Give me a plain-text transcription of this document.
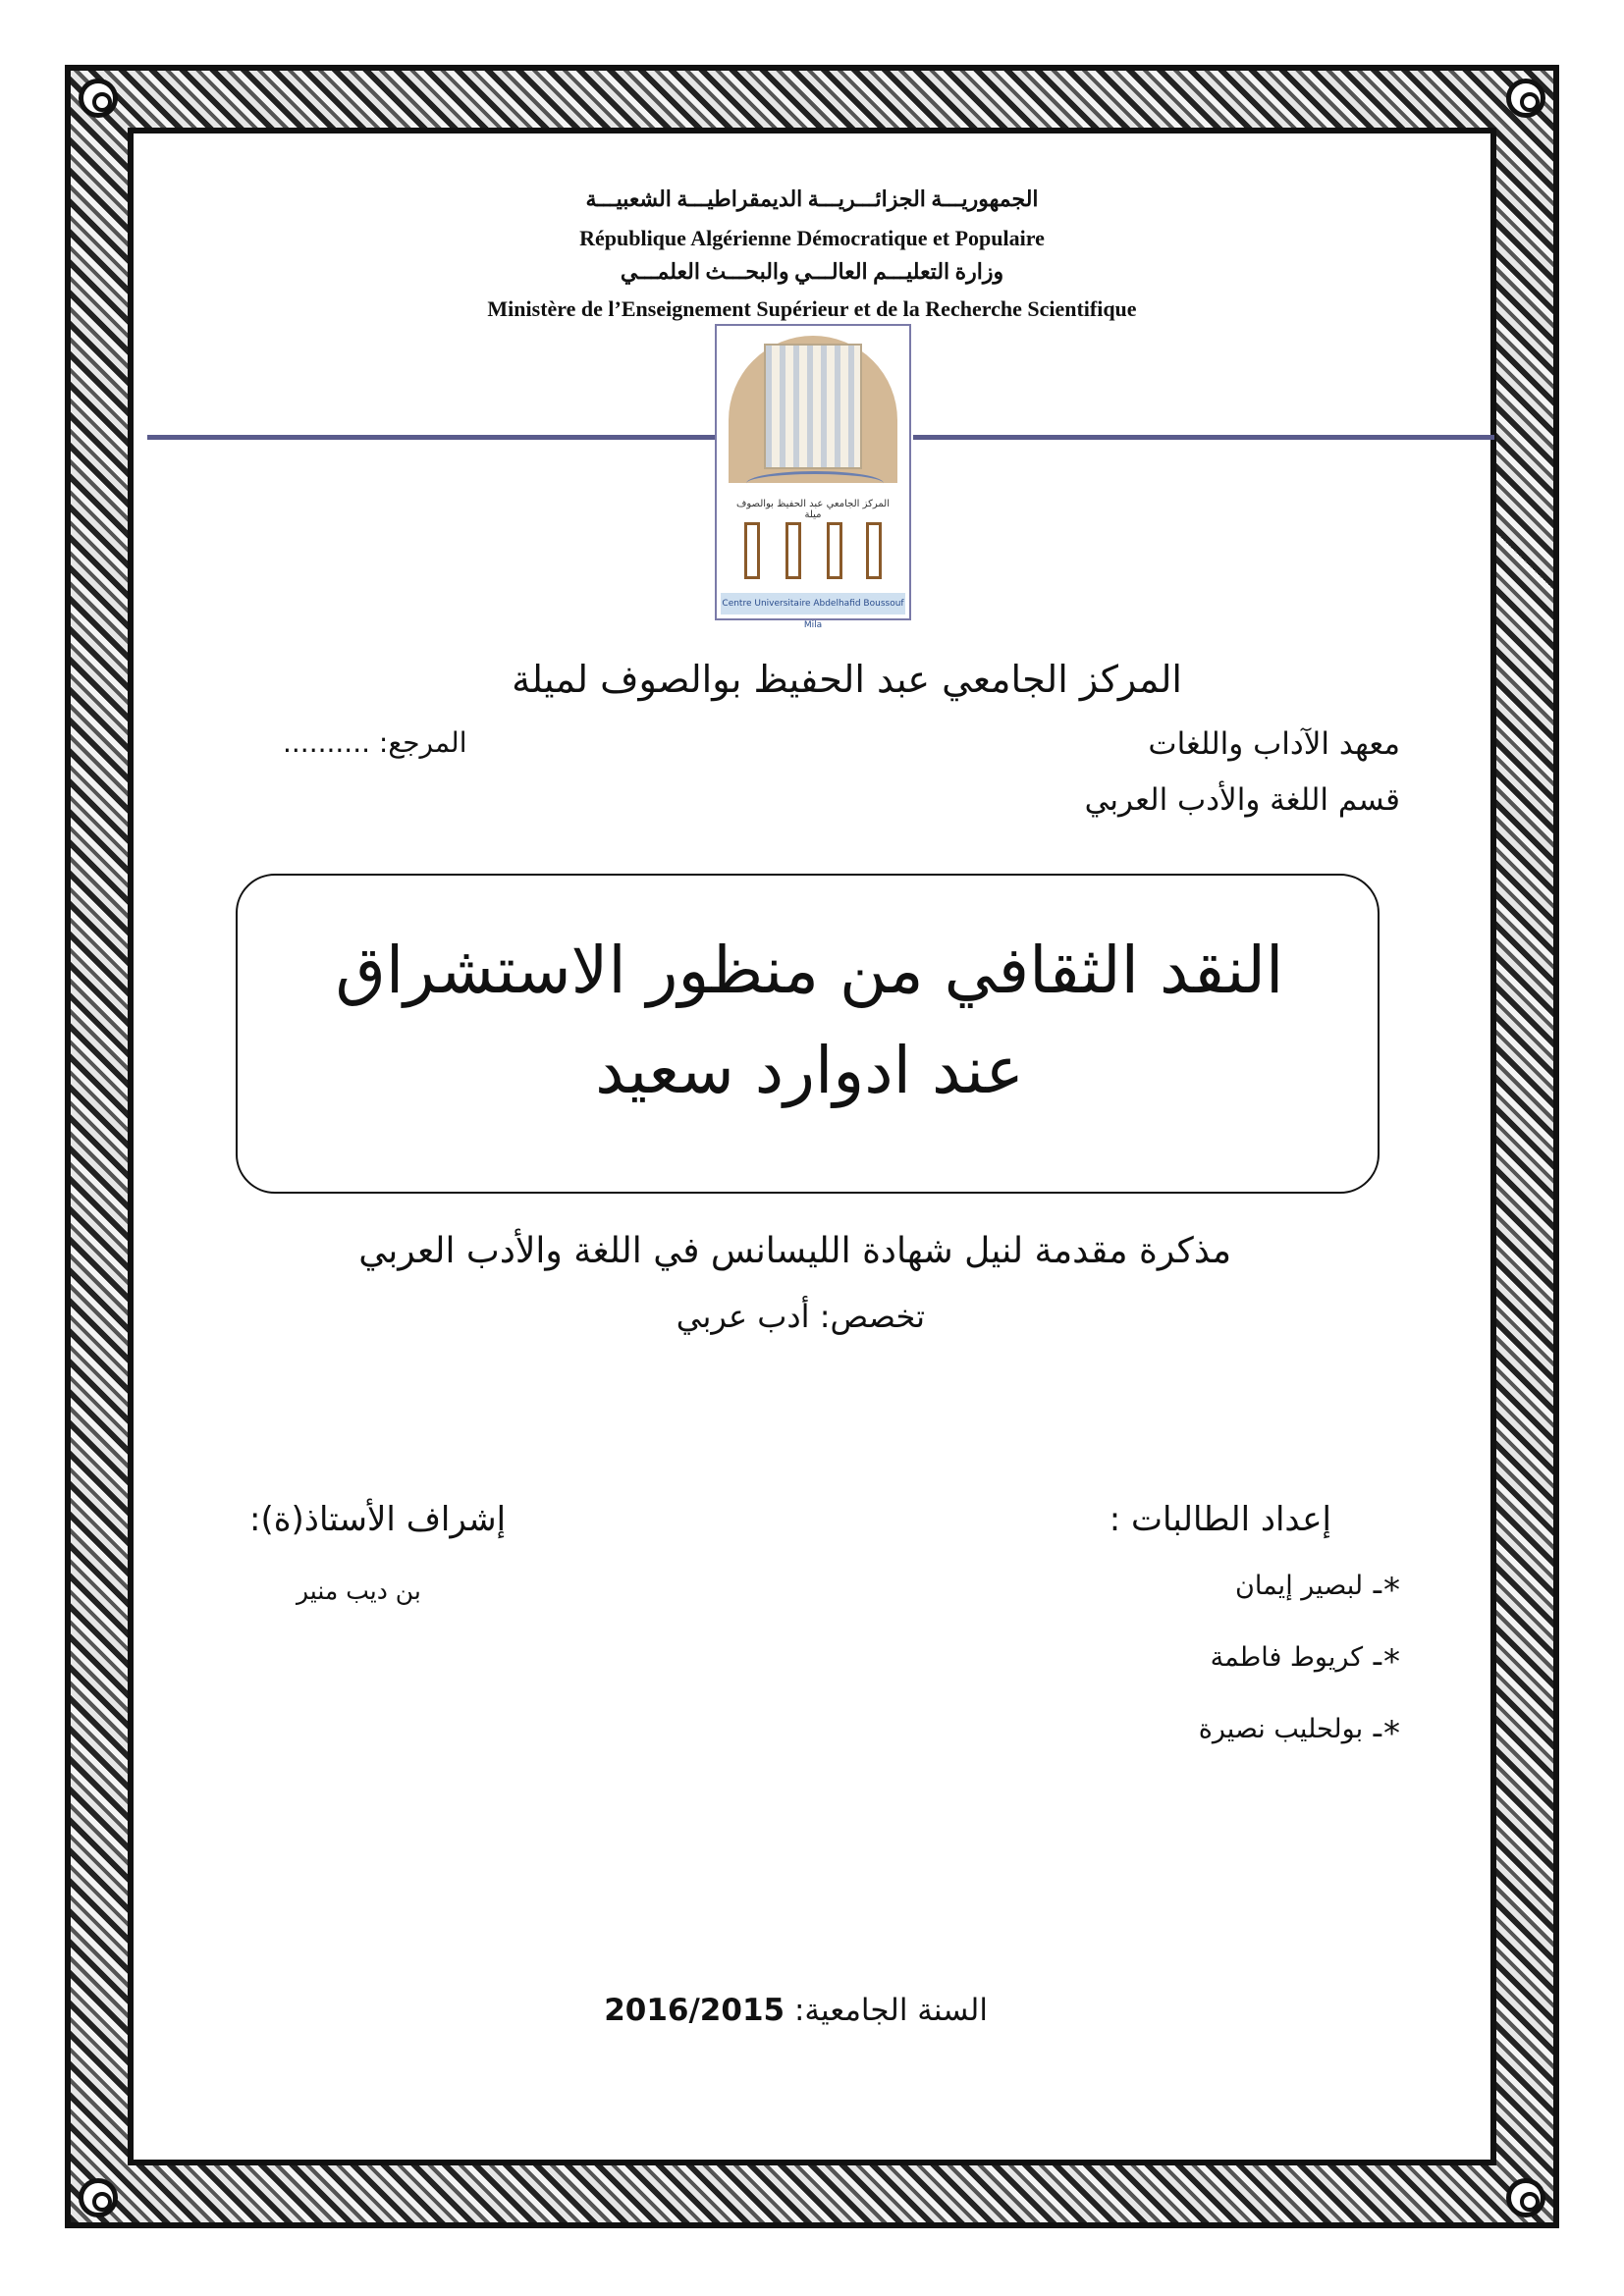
الجمهوريـــة الجزائـــريـــة الديمقراطيـــة الشعبيـــة
République Algérienne Démocratique et Populaire
وزارة التعليـــم العالـــي والبحـــث العلمـــي
Ministère de l’Enseignement Supérieur et de la Recherche Scientifique
المركز الجامعي عبد الحفيظ بوالصوف ميلة
Centre Universitaire Abdelhafid Boussouf Mila
المركز الجامعي عبد الحفيظ بوالصوف لميلة
معهد الآداب واللغات
المرجع: ..........
قسم اللغة والأدب العربي
النقد الثقافي من منظور الاستشراق
عند ادوارد سعيد
مذكرة مقدمة لنيل شهادة الليسانس في اللغة والأدب العربي
تخصص: أدب عربي
إعداد الطالبات :
إشراف الأستاذ(ة):
بن ديب منير	*- لبصير إيمان
*- كريوط فاطمة
*- بولحليب نصيرة
السنة الجامعية: 2016/2015
